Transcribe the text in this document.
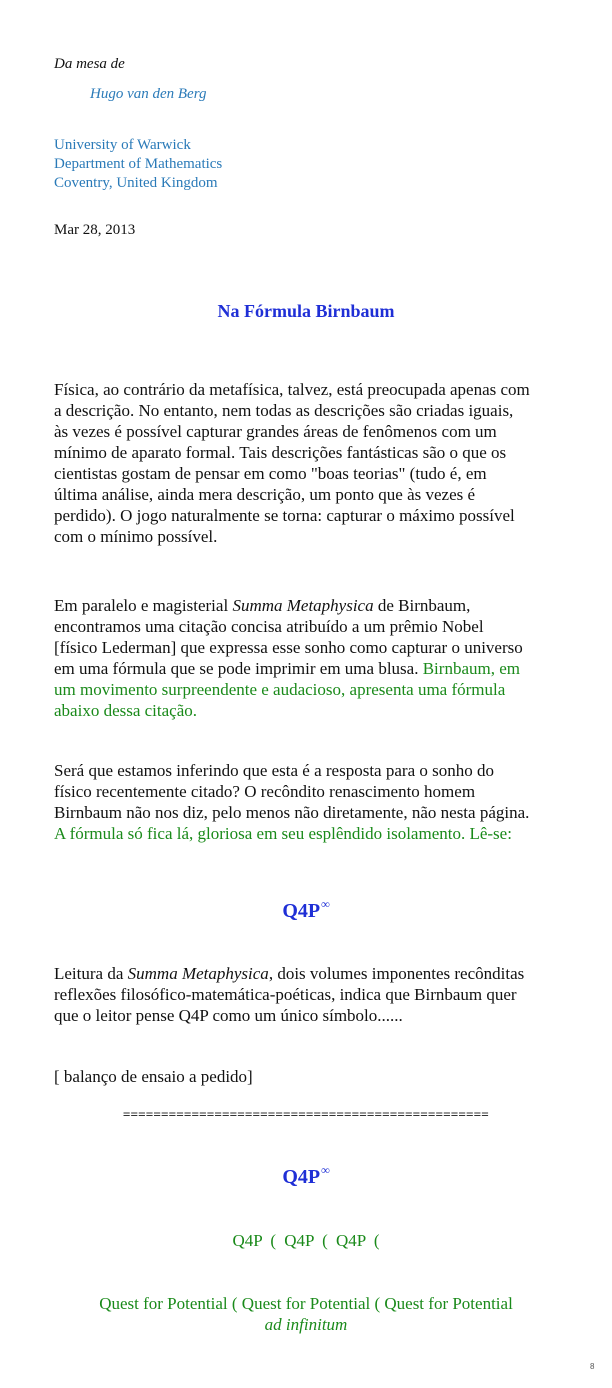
Da mesa de
Hugo van den Berg
University of Warwick
Department of Mathematics
Coventry, United Kingdom
Mar 28, 2013
Na Fórmula Birnbaum
Física, ao contrário da metafísica, talvez, está preocupada apenas com
a descrição. No entanto, nem todas as descrições são criadas iguais,
às vezes é possível capturar grandes áreas de fenômenos com um
mínimo de aparato formal. Tais descrições fantásticas são o que os
cientistas gostam de pensar em como "boas teorias" (tudo é, em
última análise, ainda mera descrição, um ponto que às vezes é
perdido). O jogo naturalmente se torna: capturar o máximo possível
com o mínimo possível.
Em paralelo e magisterial Summa Metaphysica de Birnbaum,
encontramos uma citação concisa atribuído a um prêmio Nobel
[físico Lederman] que expressa esse sonho como capturar o universo
em uma fórmula que se pode imprimir em uma blusa. Birnbaum, em
um movimento surpreendente e audacioso, apresenta uma fórmula
abaixo dessa citação.
Será que estamos inferindo que esta é a resposta para o sonho do
físico recentemente citado? O recôndito renascimento homem
Birnbaum não nos diz, pelo menos não diretamente, não nesta página.
A fórmula só fica lá, gloriosa em seu esplêndido isolamento. Lê-se:
Q4P∞
Leitura da Summa Metaphysica, dois volumes imponentes recônditas
reflexões filosófico-matemática-poéticas, indica que Birnbaum quer
que o leitor pense Q4P como um único símbolo......
[ balanço de ensaio a pedido]
================================================
Q4P∞
Q4P ( Q4P ( Q4P (
Quest for Potential ( Quest for Potential ( Quest for Potential
ad infinitum
8
